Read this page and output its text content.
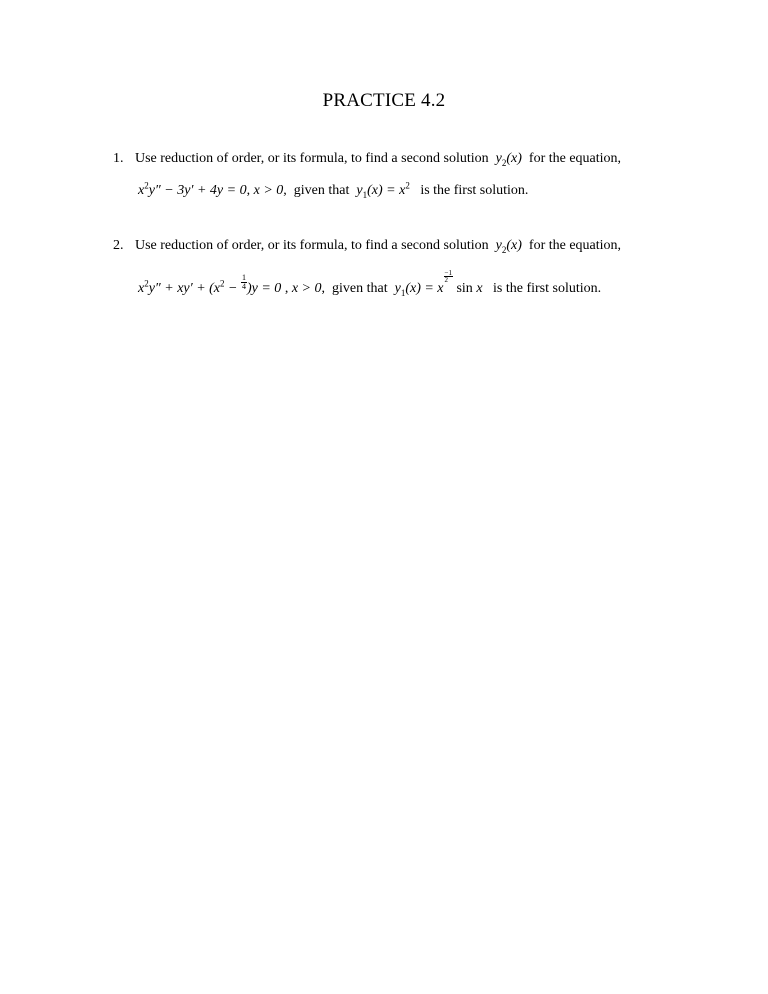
PRACTICE 4.2
1. Use reduction of order, or its formula, to find a second solution $y_2(x)$ for the equation,
$x^2y'' - 3y' + 4y = 0$, x > 0,  given that $y_1(x) = x^2$ is the first solution.
2. Use reduction of order, or its formula, to find a second solution $y_2(x)$ for the equation,
$x^2y'' + xy' + (x^2 - \frac{1}{4} )y = 0$ , x > 0,  given that $y_1(x) = x$
$\frac{-1}{2}$
sin x is the first solution.
